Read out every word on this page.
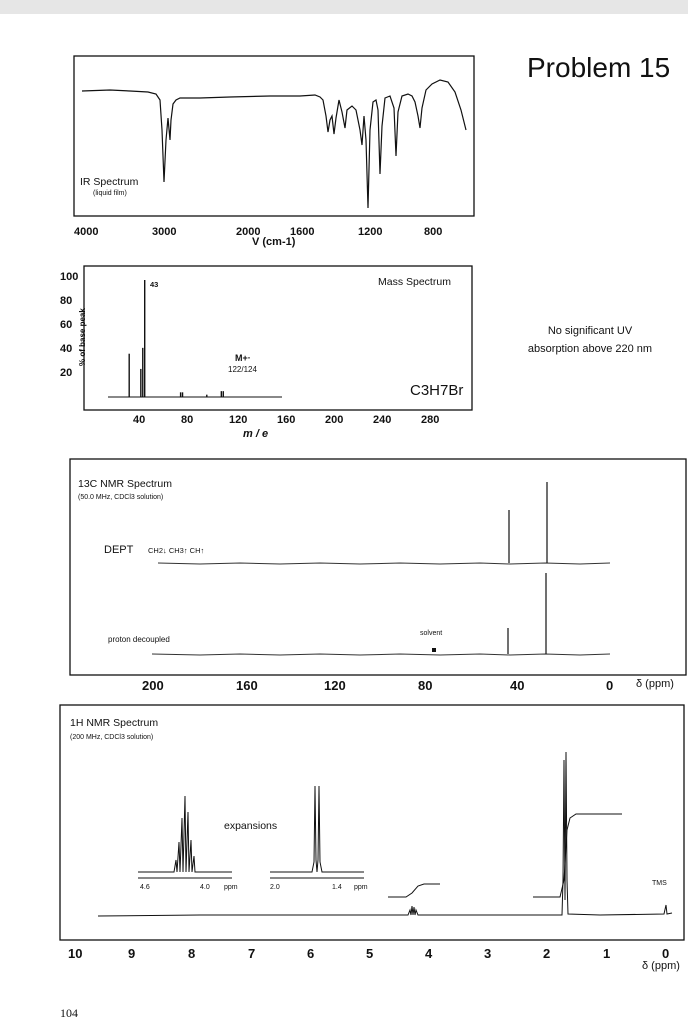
Problem 15
No significant UV
absorption above 220 nm
IR Spectrum
(liquid film)
4000	3000	2000	1600	1200	800
V (cm-1)
Mass Spectrum
% of base peak
100
80
60
40
20
40	80	120	160	200	240	280
m / e
43
M+·
122/124
C3H7Br
13C NMR Spectrum
(50.0 MHz, CDCl3 solution)
DEPT CH2↓ CH3↑ CH↑
proton decoupled
solvent
200	160	120	80	40	0 δ (ppm)
1H NMR Spectrum
(200 MHz, CDCl3 solution)
expansions
TMS
4.6	4.0 ppm	2.0	1.4 ppm
10	9	8	7	6	5	4	3	2	1	0
δ (ppm)
104
